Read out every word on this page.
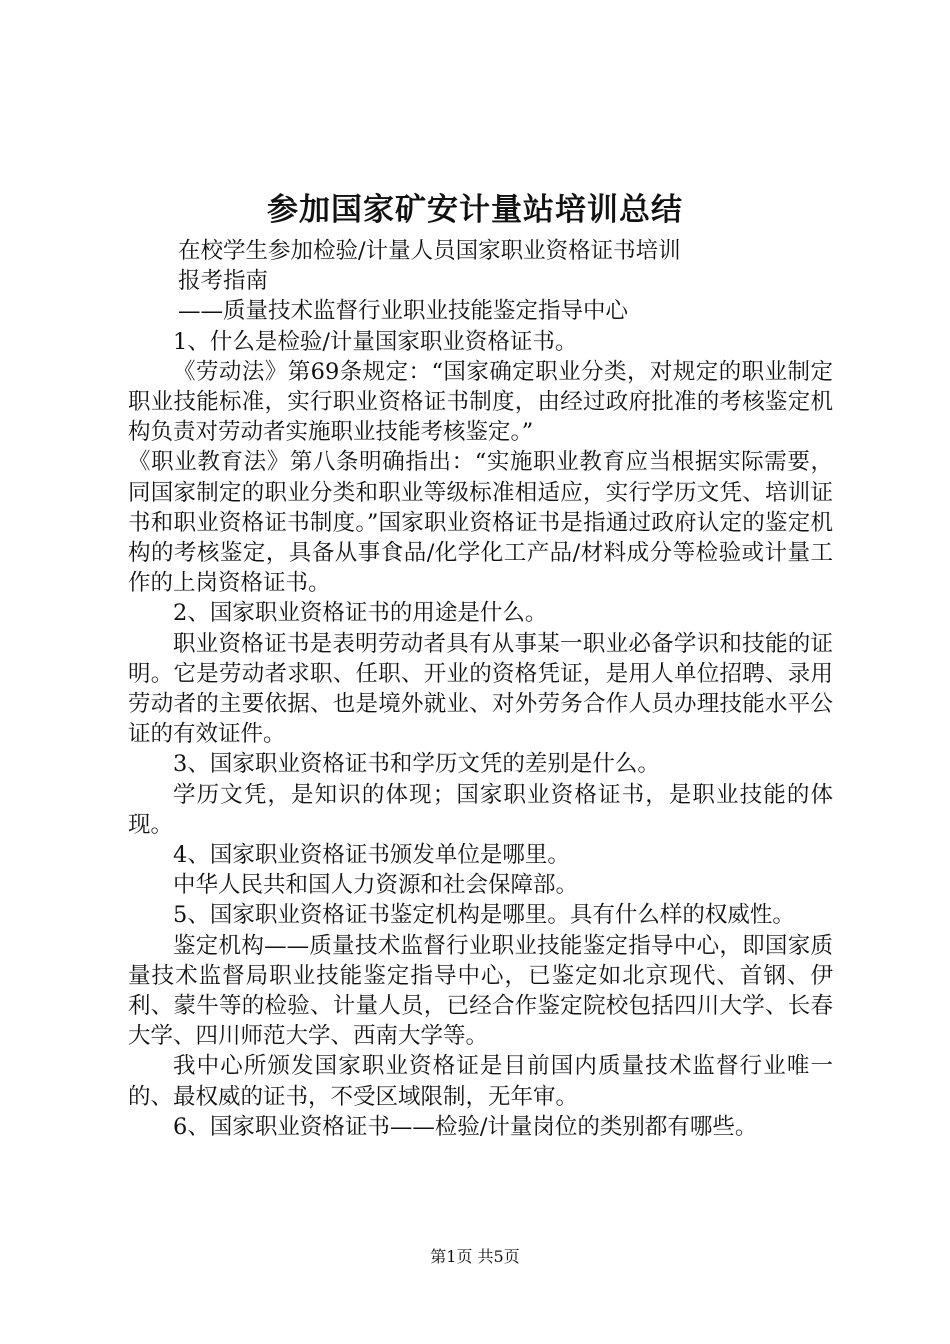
参加国家矿安计量站培训总结

在校学生参加检验/计量人员国家职业资格证书培训

报考指南

——质量技术监督行业职业技能鉴定指导中心

1、什么是检验/计量国家职业资格证书。

《劳动法》第69条规定：“国家确定职业分类，对规定的职业制定职业技能标准，实行职业资格证书制度，由经过政府批准的考核鉴定机构负责对劳动者实施职业技能考核鉴定。”

《职业教育法》第八条明确指出：“实施职业教育应当根据实际需要，同国家制定的职业分类和职业等级标准相适应，实行学历文凭、培训证书和职业资格证书制度。”国家职业资格证书是指通过政府认定的鉴定机构的考核鉴定，具备从事食品/化学化工产品/材料成分等检验或计量工作的上岗资格证书。

2、国家职业资格证书的用途是什么。

职业资格证书是表明劳动者具有从事某一职业必备学识和技能的证明。它是劳动者求职、任职、开业的资格凭证，是用人单位招聘、录用劳动者的主要依据、也是境外就业、对外劳务合作人员办理技能水平公证的有效证件。

3、国家职业资格证书和学历文凭的差别是什么。

学历文凭，是知识的体现；国家职业资格证书，是职业技能的体现。

4、国家职业资格证书颁发单位是哪里。

中华人民共和国人力资源和社会保障部。

5、国家职业资格证书鉴定机构是哪里。具有什么样的权威性。

鉴定机构——质量技术监督行业职业技能鉴定指导中心，即国家质量技术监督局职业技能鉴定指导中心，已鉴定如北京现代、首钢、伊利、蒙牛等的检验、计量人员，已经合作鉴定院校包括四川大学、长春大学、四川师范大学、西南大学等。

我中心所颁发国家职业资格证是目前国内质量技术监督行业唯一的、最权威的证书，不受区域限制，无年审。

6、国家职业资格证书——检验/计量岗位的类别都有哪些。

第1页 共5页
